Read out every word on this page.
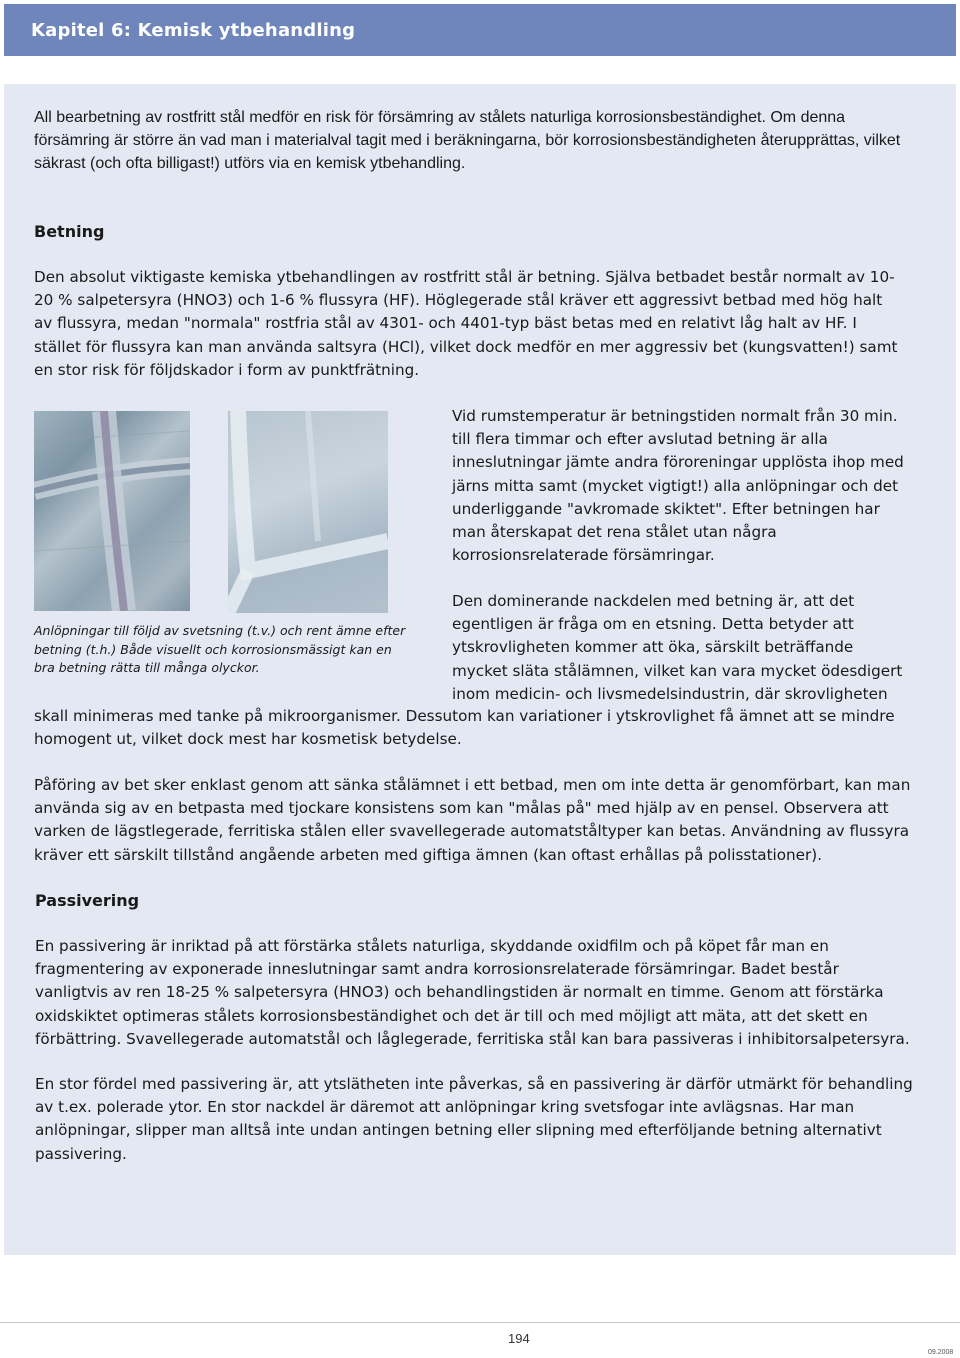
Kapitel 6: Kemisk ytbehandling

All bearbetning av rostfritt stål medför en risk för försämring av stålets naturliga korrosionsbeständighet. Om denna försämring är större än vad man i materialval tagit med i beräkningarna, bör korrosionsbeständigheten återupprättas, vilket säkrast (och ofta billigast!) utförs via en kemisk ytbehandling.

Betning

Den absolut viktigaste kemiska ytbehandlingen av rostfritt stål är betning. Själva betbadet består normalt av 10-20 % salpetersyra (HNO3) och 1-6 % flussyra (HF). Höglegerade stål kräver ett aggressivt betbad med hög halt av flussyra, medan "normala" rostfria stål av 4301- och 4401-typ bäst betas med en relativt låg halt av HF. I stället för flussyra kan man använda saltsyra (HCl), vilket dock medför en mer aggressiv bet (kungsvatten!) samt en stor risk för följdskador i form av punktfrätning.

Anlöpningar till följd av svetsning (t.v.) och rent ämne efter betning (t.h.) Både visuellt och korrosionsmässigt kan en bra betning rätta till många olyckor.

Vid rumstemperatur är betningstiden normalt från 30 min. till flera timmar och efter avslutad betning är alla inneslutningar jämte andra föroreningar upplösta ihop med järns mitta samt (mycket vigtigt!) alla anlöpningar och det underliggande "avkromade skiktet". Efter betningen har man återskapat det rena stålet utan några korrosionsrelaterade försämringar.

Den dominerande nackdelen med betning är, att det egentligen är fråga om en etsning. Detta betyder att ytskrovligheten kommer att öka, särskilt beträffande mycket släta stålämnen, vilket kan vara mycket ödesdigert inom medicin- och livsmedelsindustrin, där skrovligheten

skall minimeras med tanke på mikroorganismer. Dessutom kan variationer i ytskrovlighet få ämnet att se mindre homogent ut, vilket dock mest har kosmetisk betydelse.

Påföring av bet sker enklast genom att sänka stålämnet i ett betbad, men om inte detta är genomförbart, kan man använda sig av en betpasta med tjockare konsistens som kan "målas på" med hjälp av en pensel. Observera att varken de lägstlegerade, ferritiska stålen eller svavellegerade automatståltyper kan betas. Användning av flussyra kräver ett särskilt tillstånd angående arbeten med giftiga ämnen (kan oftast erhållas på polisstationer).

Passivering

En passivering är inriktad på att förstärka stålets naturliga, skyddande oxidfilm och på köpet får man en fragmentering av exponerade inneslutningar samt andra korrosionsrelaterade försämringar. Badet består vanligtvis av ren 18-25 % salpetersyra (HNO3) och behandlingstiden är normalt en timme. Genom att förstärka oxidskiktet optimeras stålets korrosionsbeständighet och det är till och med möjligt att mäta, att det skett en förbättring. Svavellegerade automatstål och låglegerade, ferritiska stål kan bara passiveras i inhibitorsalpetersyra.

En stor fördel med passivering är, att ytslätheten inte påverkas, så en passivering är därför utmärkt för behandling av t.ex. polerade ytor. En stor nackdel är däremot att anlöpningar kring svetsfogar inte avlägsnas. Har man anlöpningar, slipper man alltså inte undan antingen betning eller slipning med efterföljande betning alternativt passivering.

194
09.2008
